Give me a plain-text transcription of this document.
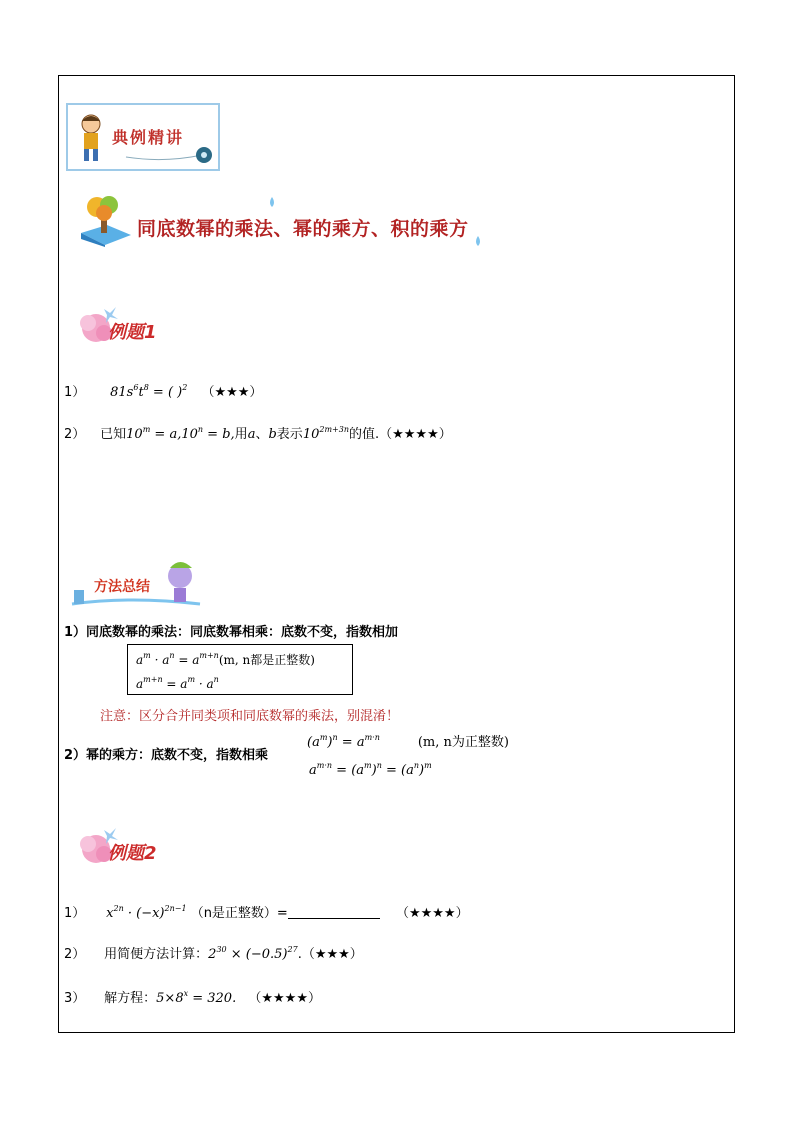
典例精讲
同底数幂的乘法、幂的乘方、积的乘方
例题1
1） $81s^6t^8$ = ( )$^2$ （★★★）
2） 已知$10^m = a,10^n = b$,用a、b表示$10^{2m+3n}$的值.（★★★★）
方法总结
1）同底数幂的乘法：同底数幂相乘：底数不变，指数相加
$a^m \cdot a^n = a^{m+n}(m$, n都是正整数)
$a^{m+n} = a^m \cdot a^n$
注意：区分合并同类项和同底数幂的乘法，别混淆！
2）幂的乘方：底数不变，指数相乘
$(a^m)^n = a^{m\cdot n}$	(m, n为正整数)
$a^{m\cdot n} = (a^m)^n = (a^n)^m$
例题2
1） $x^{2n} \cdot (-x)^{2n-1}$ （n是正整数）=	（★★★★）
2） 用简便方法计算：$2^{30}$ × $(-0.5)^{27}.(★★★)$
3） 解方程：$5\times 8^x = 320$. （★★★★）
